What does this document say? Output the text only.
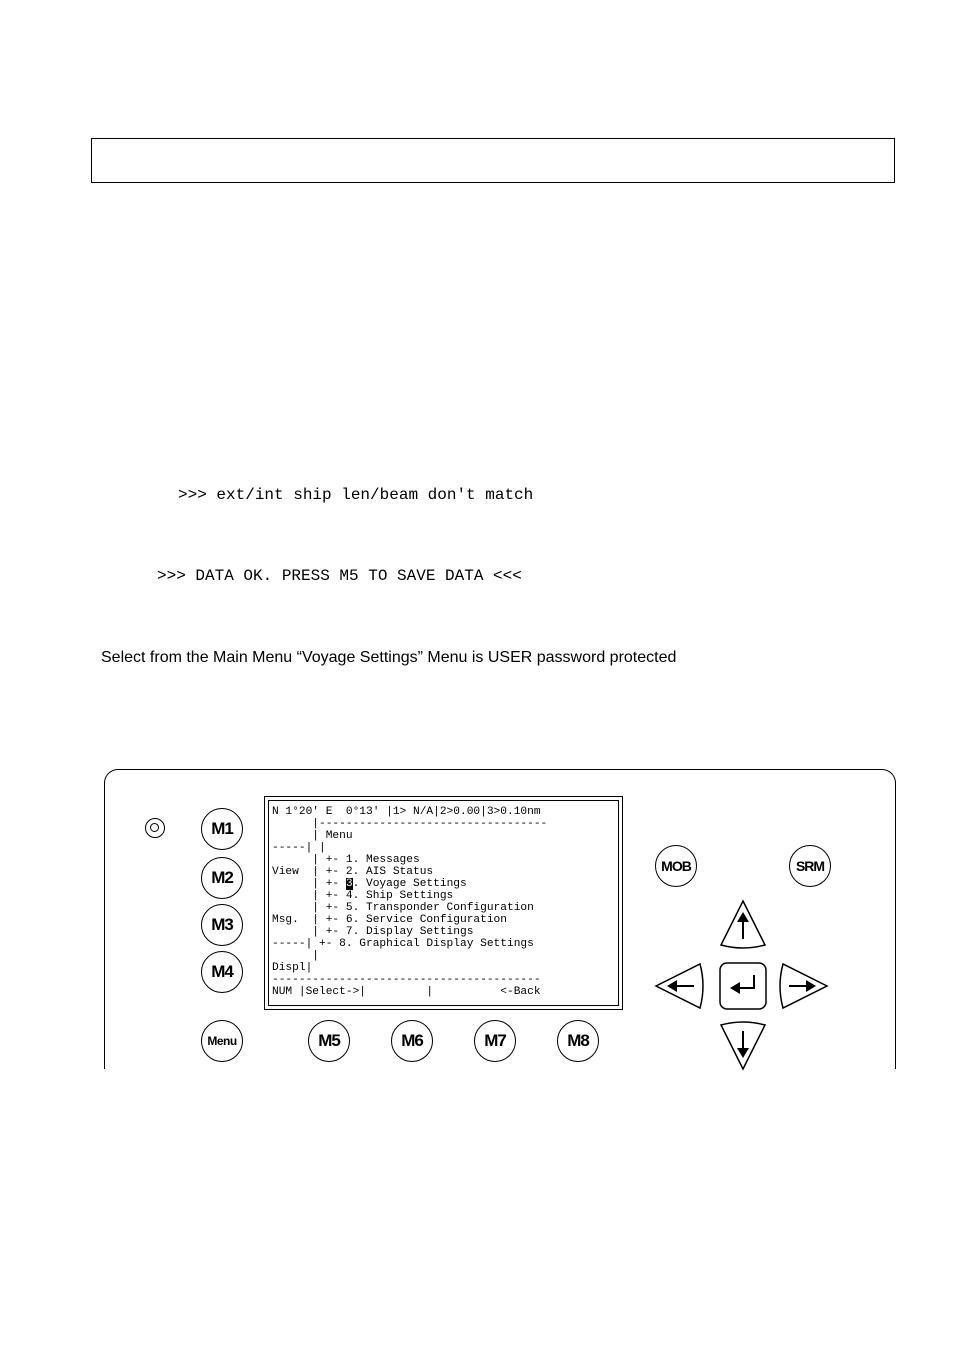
>>> ext/int ship len/beam don't match
>>> DATA OK. PRESS M5 TO SAVE DATA <<<
Select from the Main Menu “Voyage Settings” Menu is USER password protected
M1
M2
M3
M4
Menu	M5	M6	M7	M8
MOB	SRM
N 1°20' E  0°13' |1> N/A|2>0.00|3>0.10nm
|----------------------------------
| Menu
-----| |
| +- 1. Messages
View  | +- 2. AIS Status
| +- 3. Voyage Settings
| +- 4. Ship Settings
| +- 5. Transponder Configuration
Msg.  | +- 6. Service Configuration
| +- 7. Display Settings
-----| +- 8. Graphical Display Settings
|
Displ|
----------------------------------------
NUM |Select->|         |          <-Back
